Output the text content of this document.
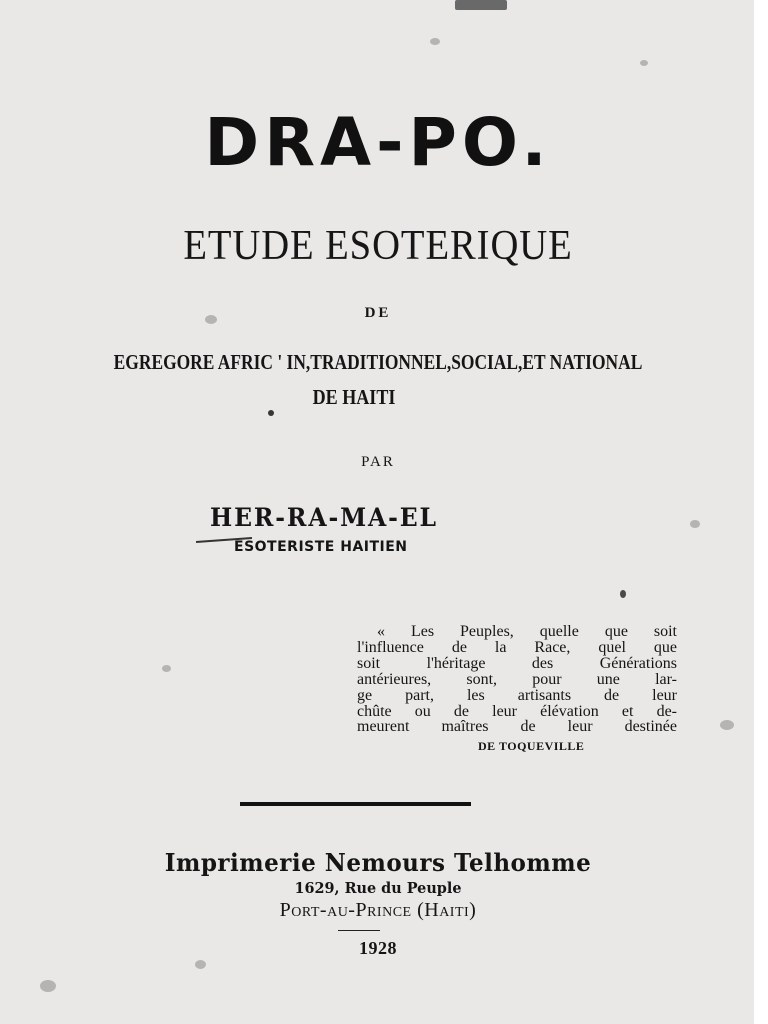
DRA-PO.
ETUDE ESOTERIQUE
DE
EGREGORE AFRIC ' IN,TRADITIONNEL,SOCIAL,ET NATIONAL
DE HAITI
PAR
HER-RA-MA-EL
ESOTERISTE HAITIEN
« Les Peuples, quelle que soit
l'influence de la Race, quel que
soit l'héritage des Générations
antérieures, sont, pour une lar-
ge part, les artisants de leur
chûte ou de leur élévation et de-
meurent maîtres de leur destinée
DE TOQUEVILLE
Imprimerie Nemours Telhomme
1629, Rue du Peuple
Port-au-Prince (Haiti)
1928
